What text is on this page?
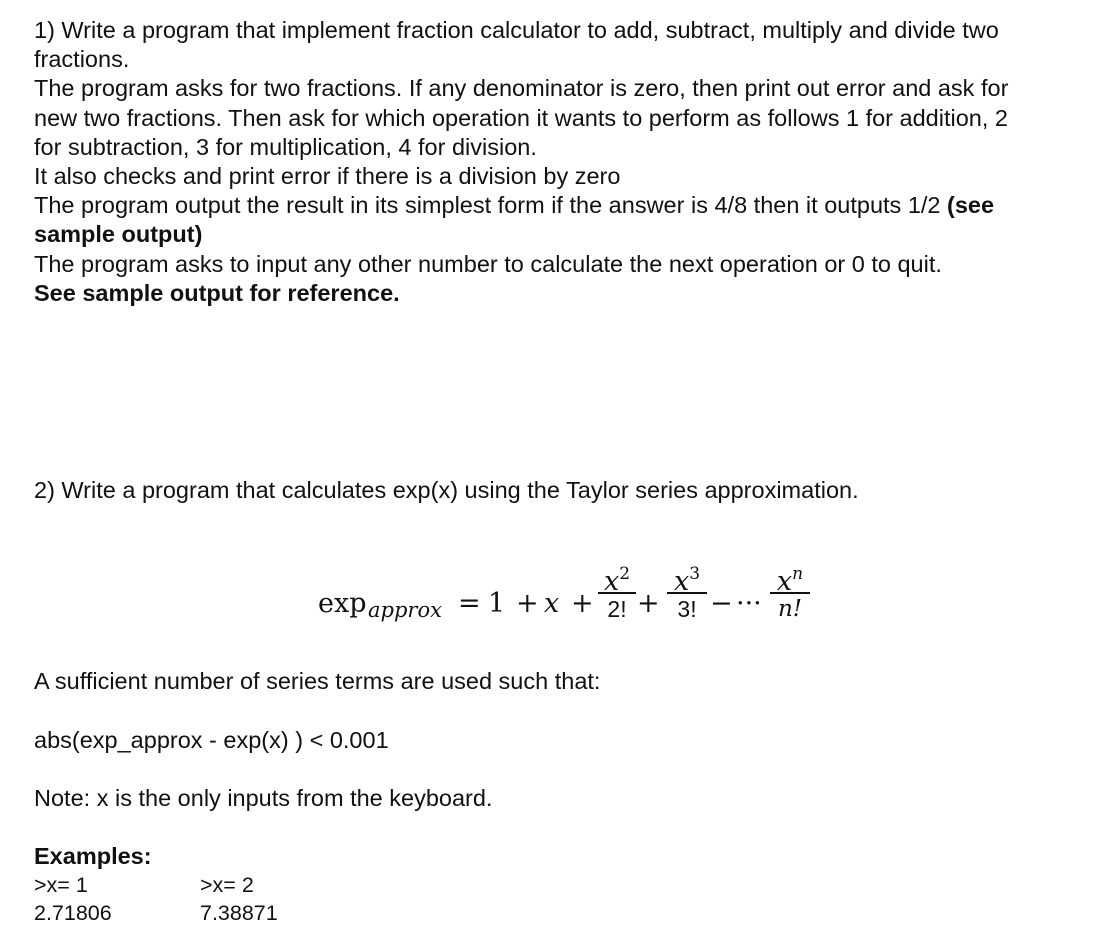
1) Write a program that implement fraction calculator to add, subtract, multiply and divide two
fractions.
The program asks for two fractions. If any denominator is zero, then print out error and ask for
new two fractions. Then ask for which operation it wants to perform as follows 1 for addition, 2
for subtraction, 3 for multiplication, 4 for division.
It also checks and print error if there is a division by zero
The program output the result in its simplest form if the answer is 4/8 then it outputs 1/2 (see
sample output)
The program asks to input any other number to calculate the next operation or 0 to quit.
See sample output for reference.
2) Write a program that calculates exp(x) using the Taylor series approximation.
exp approx = 1 + x +
$x^2$
2! +
$x^3$
3! − ···
$x^n$
n!
A sufficient number of series terms are used such that:
abs(exp_approx - exp(x) ) < 0.001
Note: x is the only inputs from the keyboard.
Examples:
>x= 1
2.71806
>x= 2
7.38871
